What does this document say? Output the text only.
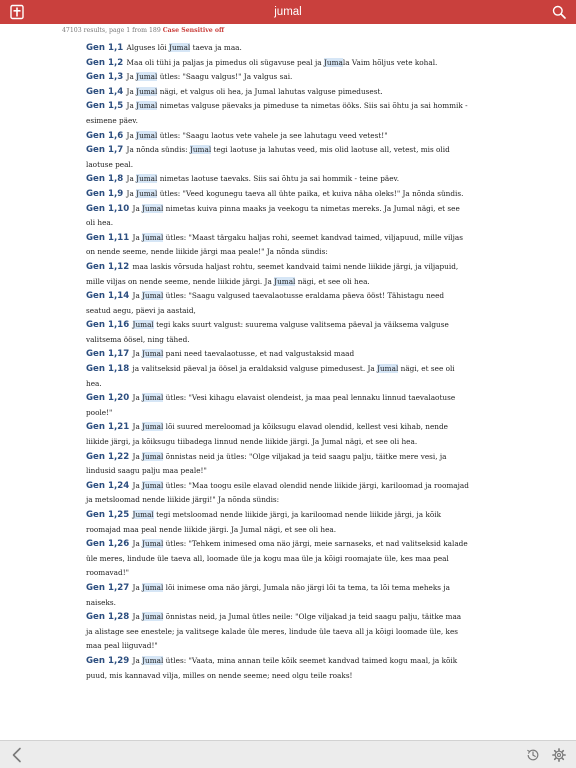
jumal
47103 results, page 1 from 189 Case Sensitive off

Gen 1,1 Alguses lõi Jumal taeva ja maa.

Gen 1,2 Maa oli tühi ja paljas ja pimedus oli sügavuse peal ja Jumala Vaim hõljus vete kohal.

Gen 1,3 Ja Jumal ütles: "Saagu valgus!" Ja valgus sai.

Gen 1,4 Ja Jumal nägi, et valgus oli hea, ja Jumal lahutas valguse pimedusest.

Gen 1,5 Ja Jumal nimetas valguse päevaks ja pimeduse ta nimetas ööks. Siis sai õhtu ja sai hommik - esimene päev.

Gen 1,6 Ja Jumal ütles: "Saagu laotus vete vahele ja see lahutagu veed vetest!"

Gen 1,7 Ja nõnda sündis: Jumal tegi laotuse ja lahutas veed, mis olid laotuse all, vetest, mis olid laotuse peal.

Gen 1,8 Ja Jumal nimetas laotuse taevaks. Siis sai õhtu ja sai hommik - teine päev.

Gen 1,9 Ja Jumal ütles: "Veed kogunegu taeva all ühte paika, et kuiva näha oleks!" Ja nõnda sündis.

Gen 1,10 Ja Jumal nimetas kuiva pinna maaks ja veekogu ta nimetas mereks. Ja Jumal nägi, et see oli hea.

Gen 1,11 Ja Jumal ütles: "Maast tärgaku haljas rohi, seemet kandvad taimed, viljapuud, mille viljas on nende seeme, nende liikide järgi maa peale!" Ja nõnda sündis:

Gen 1,12 maa laskis võrsuda haljast rohtu, seemet kandvaid taimi nende liikide järgi, ja viljapuid, mille viljas on nende seeme, nende liikide järgi. Ja Jumal nägi, et see oli hea.

Gen 1,14 Ja Jumal ütles: "Saagu valgused taevalaotusse eraldama päeva ööst! Tähistagu need seatud aegu, päevi ja aastaid,

Gen 1,16 Jumal tegi kaks suurt valgust: suurema valguse valitsema päeval ja väiksema valguse valitsema öösel, ning tähed.

Gen 1,17 Ja Jumal pani need taevalaotusse, et nad valgustaksid maad

Gen 1,18 ja valitseksid päeval ja öösel ja eraldaksid valguse pimedusest. Ja Jumal nägi, et see oli hea.

Gen 1,20 Ja Jumal ütles: "Vesi kihagu elavaist olendeist, ja maa peal lennaku linnud taevalaotuse poole!"

Gen 1,21 Ja Jumal lõi suured mereloomad ja kõiksugu elavad olendid, kellest vesi kihab, nende liikide järgi, ja kõiksugu tiibadega linnud nende liikide järgi. Ja Jumal nägi, et see oli hea.

Gen 1,22 Ja Jumal õnnistas neid ja ütles: "Olge viljakad ja teid saagu palju, täitke mere vesi, ja lindusid saagu palju maa peale!"

Gen 1,24 Ja Jumal ütles: "Maa toogu esile elavad olendid nende liikide järgi, kariloomad ja roomajad ja metsloomad nende liikide järgi!" Ja nõnda sündis:

Gen 1,25 Jumal tegi metsloomad nende liikide järgi, ja kariloomad nende liikide järgi, ja kõik roomajad maa peal nende liikide järgi. Ja Jumal nägi, et see oli hea.

Gen 1,26 Ja Jumal ütles: "Tehkem inimesed oma näo järgi, meie sarnaseks, et nad valitseksid kalade üle meres, lindude üle taeva all, loomade üle ja kogu maa üle ja kõigi roomajate üle, kes maa peal roomavad!"

Gen 1,27 Ja Jumal lõi inimese oma näo järgi, Jumala näo järgi lõi ta tema, ta lõi tema meheks ja naiseks.

Gen 1,28 Ja Jumal õnnistas neid, ja Jumal ütles neile: "Olge viljakad ja teid saagu palju, täitke maa ja alistage see enestele; ja valitsege kalade üle meres, lindude üle taeva all ja kõigi loomade üle, kes maa peal liiguvad!"

Gen 1,29 Ja Jumal ütles: "Vaata, mina annan teile kõik seemet kandvad taimed kogu maal, ja kõik puud, mis kannavad vilja, milles on nende seeme; need olgu teile roaks!
